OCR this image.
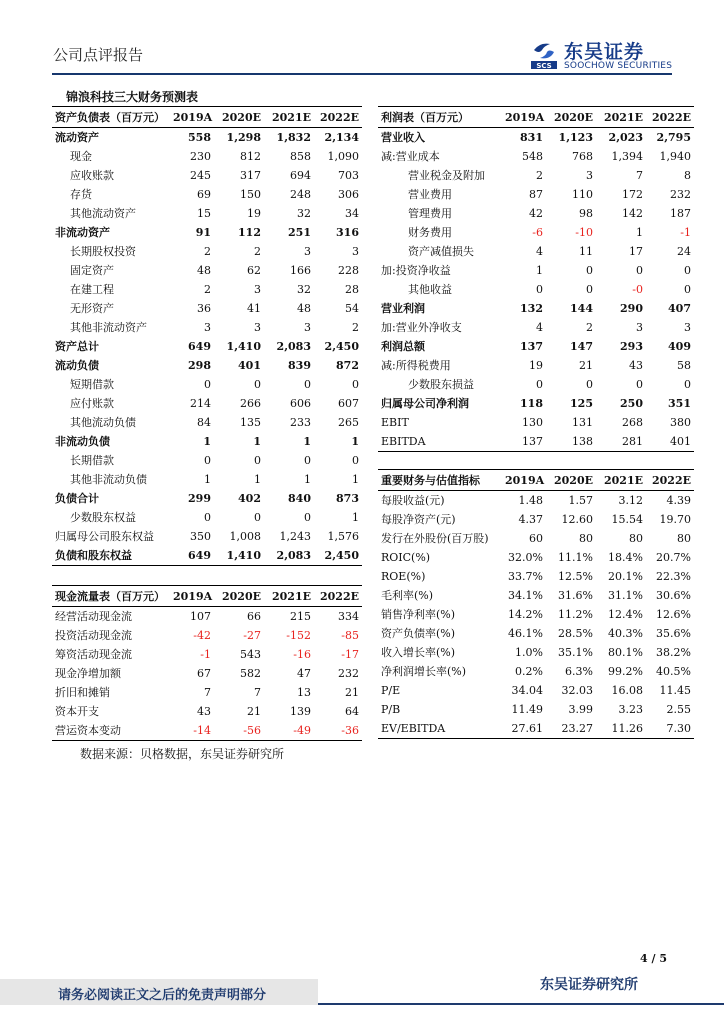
公司点评报告
SCS
东吴证券
SOOCHOW SECURITIES
锦浪科技三大财务预测表
资产负债表（百万元）	2019A	2020E	2021E	2022E
流动资产	558	1,298	1,832	2,134
现金	230	812	858	1,090
应收账款	245	317	694	703
存货	69	150	248	306
其他流动资产	15	19	32	34
非流动资产	91	112	251	316
长期股权投资	2	2	3	3
固定资产	48	62	166	228
在建工程	2	3	32	28
无形资产	36	41	48	54
其他非流动资产	3	3	3	2
资产总计	649	1,410	2,083	2,450
流动负债	298	401	839	872
短期借款	0	0	0	0
应付账款	214	266	606	607
其他流动负债	84	135	233	265
非流动负债	1	1	1	1
长期借款	0	0	0	0
其他非流动负债	1	1	1	1
负债合计	299	402	840	873
少数股东权益	0	0	0	1
归属母公司股东权益	350	1,008	1,243	1,576
负债和股东权益	649	1,410	2,083	2,450
利润表（百万元）	2019A	2020E	2021E	2022E
营业收入	831	1,123	2,023	2,795
减:营业成本	548	768	1,394	1,940
营业税金及附加	2	3	7	8
营业费用	87	110	172	232
管理费用	42	98	142	187
财务费用	-6	-10	1	-1
资产减值损失	4	11	17	24
加:投资净收益	1	0	0	0
其他收益	0	0	-0	0
营业利润	132	144	290	407
加:营业外净收支	4	2	3	3
利润总额	137	147	293	409
减:所得税费用	19	21	43	58
少数股东损益	0	0	0	0
归属母公司净利润	118	125	250	351
EBIT	130	131	268	380
EBITDA	137	138	281	401
重要财务与估值指标	2019A	2020E	2021E	2022E
每股收益(元)	1.48	1.57	3.12	4.39
每股净资产(元)	4.37	12.60	15.54	19.70
发行在外股份(百万股)	60	80	80	80
ROIC(%)	32.0%	11.1%	18.4%	20.7%
ROE(%)	33.7%	12.5%	20.1%	22.3%
毛利率(%)	34.1%	31.6%	31.1%	30.6%
销售净利率(%)	14.2%	11.2%	12.4%	12.6%
资产负债率(%)	46.1%	28.5%	40.3%	35.6%
收入增长率(%)	1.0%	35.1%	80.1%	38.2%
净利润增长率(%)	0.2%	6.3%	99.2%	40.5%
P/E	34.04	32.03	16.08	11.45
P/B	11.49	3.99	3.23	2.55
EV/EBITDA	27.61	23.27	11.26	7.30
现金流量表（百万元）	2019A	2020E	2021E	2022E
经营活动现金流	107	66	215	334
投资活动现金流	-42	-27	-152	-85
筹资活动现金流	-1	543	-16	-17
现金净增加额	67	582	47	232
折旧和摊销	7	7	13	21
资本开支	43	21	139	64
营运资本变动	-14	-56	-49	-36
数据来源：贝格数据，东吴证券研究所
4 / 5
请务必阅读正文之后的免责声明部分
东吴证券研究所
